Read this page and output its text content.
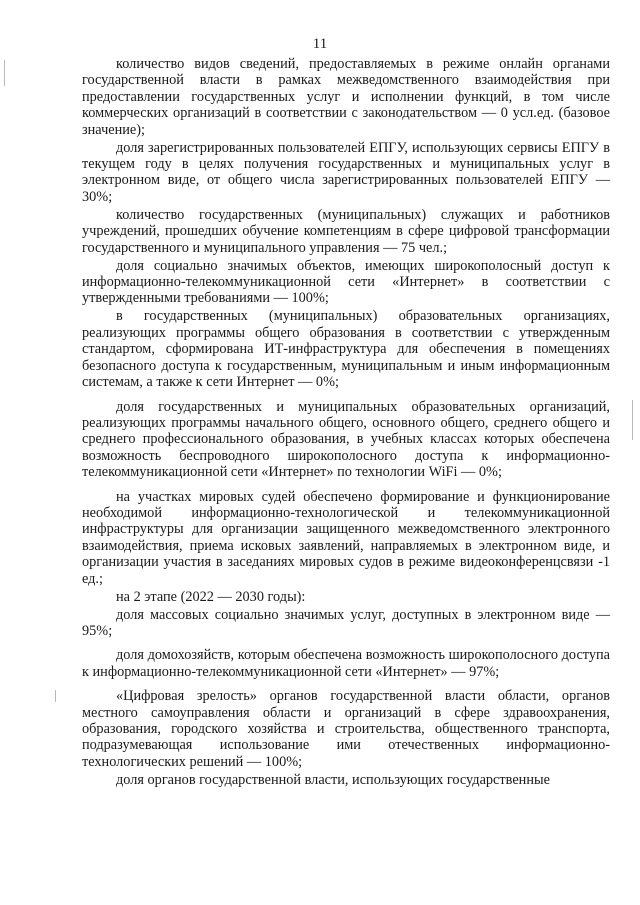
11

количество видов сведений, предоставляемых в режиме онлайн органами государственной власти в рамках межведомственного взаимодействия при предоставлении государственных услуг и исполнении функций, в том числе коммерческих организаций в соответствии с законодательством — 0 усл.ед. (базовое значение);

доля зарегистрированных пользователей ЕПГУ, использующих сервисы ЕПГУ в текущем году в целях получения государственных и муниципальных услуг в электронном виде, от общего числа зарегистрированных пользователей ЕПГУ — 30%;

количество государственных (муниципальных) служащих и работников учреждений, прошедших обучение компетенциям в сфере цифровой трансформации государственного и муниципального управления — 75 чел.;

доля социально значимых объектов, имеющих широкополосный доступ к информационно-телекоммуникационной сети «Интернет» в соответствии с утвержденными требованиями — 100%;

в государственных (муниципальных) образовательных организациях, реализующих программы общего образования в соответствии с утвержденным стандартом, сформирована ИТ-инфраструктура для обеспечения в помещениях безопасного доступа к государственным, муниципальным и иным информационным системам, а также к сети Интернет — 0%;

доля государственных и муниципальных образовательных организаций, реализующих программы начального общего, основного общего, среднего общего и среднего профессионального образования, в учебных классах которых обеспечена возможность беспроводного широкополосного доступа к информационно-телекоммуникационной сети «Интернет» по технологии WiFi — 0%;

на участках мировых судей обеспечено формирование и функционирование необходимой информационно-технологической и телекоммуникационной инфраструктуры для организации защищенного межведомственного электронного взаимодействия, приема исковых заявлений, направляемых в электронном виде, и организации участия в заседаниях мировых судов в режиме видеоконференцсвязи -1 ед.;

на 2 этапе (2022 — 2030 годы):

доля массовых социально значимых услуг, доступных в электронном виде — 95%;

доля домохозяйств, которым обеспечена возможность широкополосного доступа к информационно-телекоммуникационной сети «Интернет» — 97%;

«Цифровая зрелость» органов государственной власти области, органов местного самоуправления области и организаций в сфере здравоохранения, образования, городского хозяйства и строительства, общественного транспорта, подразумевающая использование ими отечественных информационно-технологических решений — 100%;

доля органов государственной власти, использующих государственные
